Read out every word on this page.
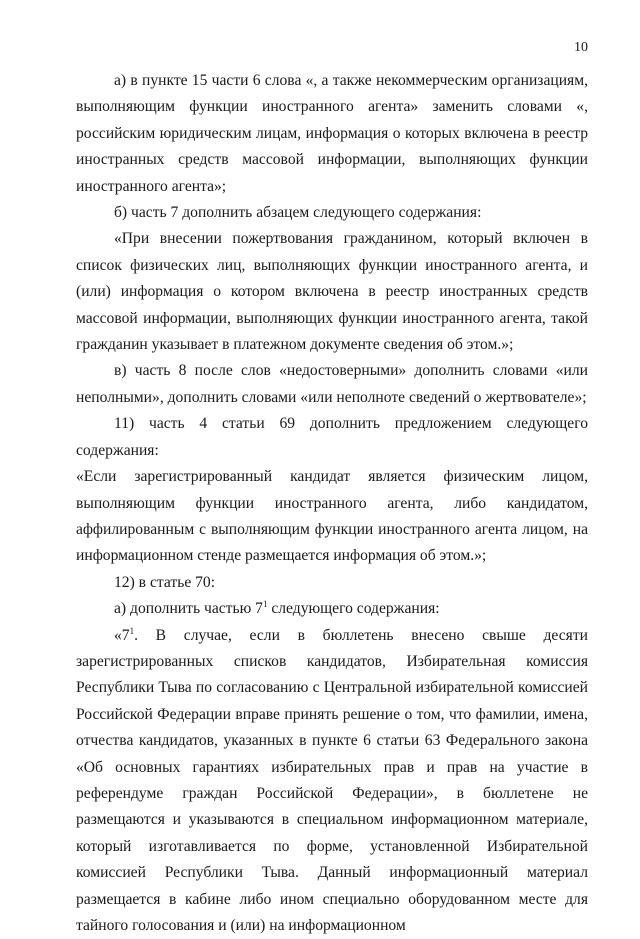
10

а) в пункте 15 части 6 слова «, а также некоммерческим организациям, выполняющим функции иностранного агента» заменить словами «, российским юридическим лицам, информация о которых включена в реестр иностранных средств массовой информации, выполняющих функции иностранного агента»;

б) часть 7 дополнить абзацем следующего содержания:

«При внесении пожертвования гражданином, который включен в список физических лиц, выполняющих функции иностранного агента, и (или) информация о котором включена в реестр иностранных средств массовой информации, выполняющих функции иностранного агента, такой гражданин указывает в платежном документе сведения об этом.»;

в) часть 8 после слов «недостоверными» дополнить словами «или неполными», дополнить словами «или неполноте сведений о жертвователе»;

11) часть 4 статьи 69 дополнить предложением следующего содержания:

«Если зарегистрированный кандидат является физическим лицом, выполняющим функции иностранного агента, либо кандидатом, аффилированным с выполняющим функции иностранного агента лицом, на информационном стенде размещается информация об этом.»;

12) в статье 70:

а) дополнить частью $7^1$ следующего содержания:

«$7^1$. В случае, если в бюллетень внесено свыше десяти зарегистрированных списков кандидатов, Избирательная комиссия Республики Тыва по согласованию с Центральной избирательной комиссией Российской Федерации вправе принять решение о том, что фамилии, имена, отчества кандидатов, указанных в пункте 6 статьи 63 Федерального закона «Об основных гарантиях избирательных прав и прав на участие в референдуме граждан Российской Федерации», в бюллетене не размещаются и указываются в специальном информационном материале, который изготавливается по форме, установленной Избирательной комиссией Республики Тыва. Данный информационный материал размещается в кабине либо ином специально оборудованном месте для тайного голосования и (или) на информационном
